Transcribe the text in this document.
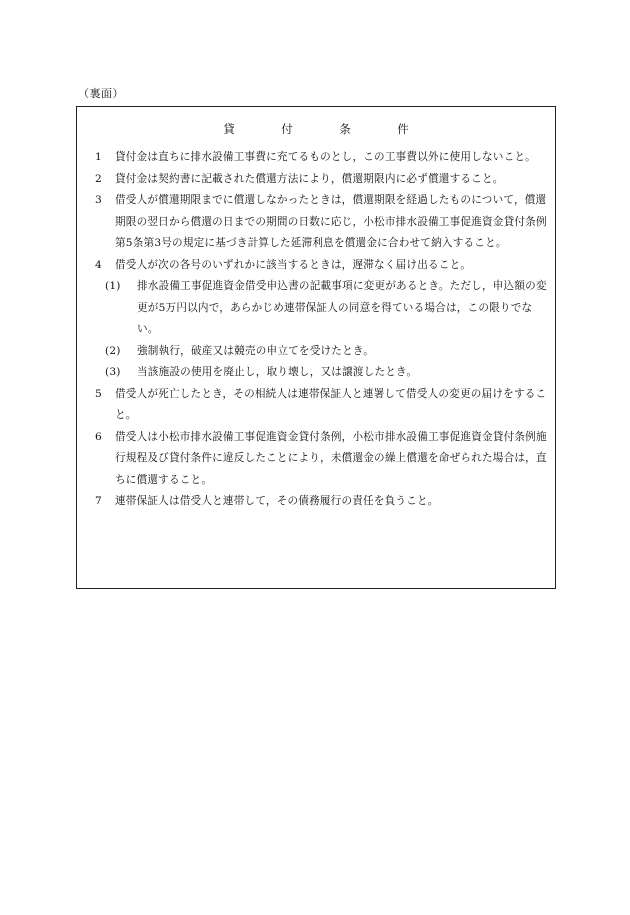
（裏面）
貸	付	条	件
1	貸付金は直ちに排水設備工事費に充てるものとし，この工事費以外に使用しないこと。
2	貸付金は契約書に記載された償還方法により，償還期限内に必ず償還すること。
3	借受人が償還期限までに償還しなかったときは，償還期限を経過したものについて，償還期限の翌日から償還の日までの期間の日数に応じ，小松市排水設備工事促進資金貸付条例第5条第3号の規定に基づき計算した延滞利息を償還金に合わせて納入すること。
4	借受人が次の各号のいずれかに該当するときは，遅滞なく届け出ること。
(1)	排水設備工事促進資金借受申込書の記載事項に変更があるとき。ただし，申込額の変更が5万円以内で，あらかじめ連帯保証人の同意を得ている場合は，この限りでない。
(2)	強制執行，破産又は競売の申立てを受けたとき。
(3)	当該施設の使用を廃止し，取り壊し，又は譲渡したとき。
5	借受人が死亡したとき，その相続人は連帯保証人と連署して借受人の変更の届けをすること。
6	借受人は小松市排水設備工事促進資金貸付条例，小松市排水設備工事促進資金貸付条例施行規程及び貸付条件に違反したことにより，未償還金の繰上償還を命ぜられた場合は，直ちに償還すること。
7	連帯保証人は借受人と連帯して，その債務履行の責任を負うこと。
